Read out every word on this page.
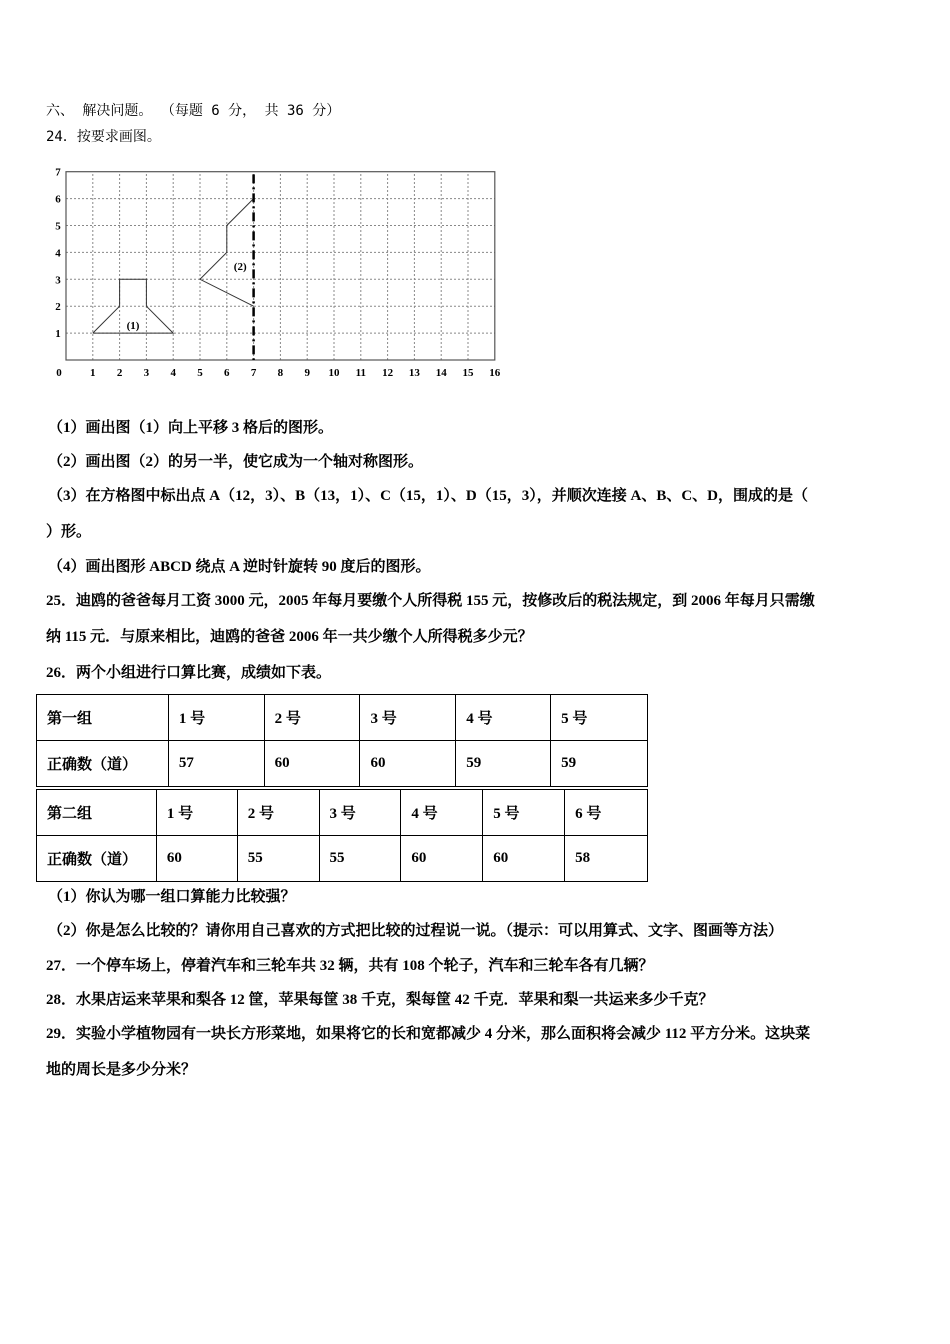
六、 解决问题。 （每题 6 分， 共 36 分）
24．按要求画图。
0	1 2 3 4 5 6 7 8 9 10 11 12 13 14 15 16
1
2
3
4
5
6
7
(1)
(2)
（1）画出图（1）向上平移 3 格后的图形。
（2）画出图（2）的另一半，使它成为一个轴对称图形。
（3）在方格图中标出点 A（12，3）、B（13，1）、C（15，1）、D（15，3），并顺次连接 A、B、C、D，围成的是（
）形。
（4）画出图形 ABCD 绕点 A 逆时针旋转 90 度后的图形。
25．迪鸥的爸爸每月工资 3000 元，2005 年每月要缴个人所得税 155 元，按修改后的税法规定，到 2006 年每月只需缴
纳 115 元．与原来相比，迪鸥的爸爸 2006 年一共少缴个人所得税多少元？
26．两个小组进行口算比赛，成绩如下表。
第一组	1 号	2 号	3 号	4 号	5 号
正确数（道）	57	60	60	59	59
第二组	1 号	2 号	3 号	4 号	5 号	6 号
正确数（道）	60	55	55	60	60	58
（1）你认为哪一组口算能力比较强？
（2）你是怎么比较的？请你用自己喜欢的方式把比较的过程说一说。（提示：可以用算式、文字、图画等方法）
27．一个停车场上，停着汽车和三轮车共 32 辆，共有 108 个轮子，汽车和三轮车各有几辆？
28．水果店运来苹果和梨各 12 筐，苹果每筐 38 千克，梨每筐 42 千克．苹果和梨一共运来多少千克？
29．实验小学植物园有一块长方形菜地，如果将它的长和宽都减少 4 分米，那么面积将会减少 112 平方分米。这块菜
地的周长是多少分米？
